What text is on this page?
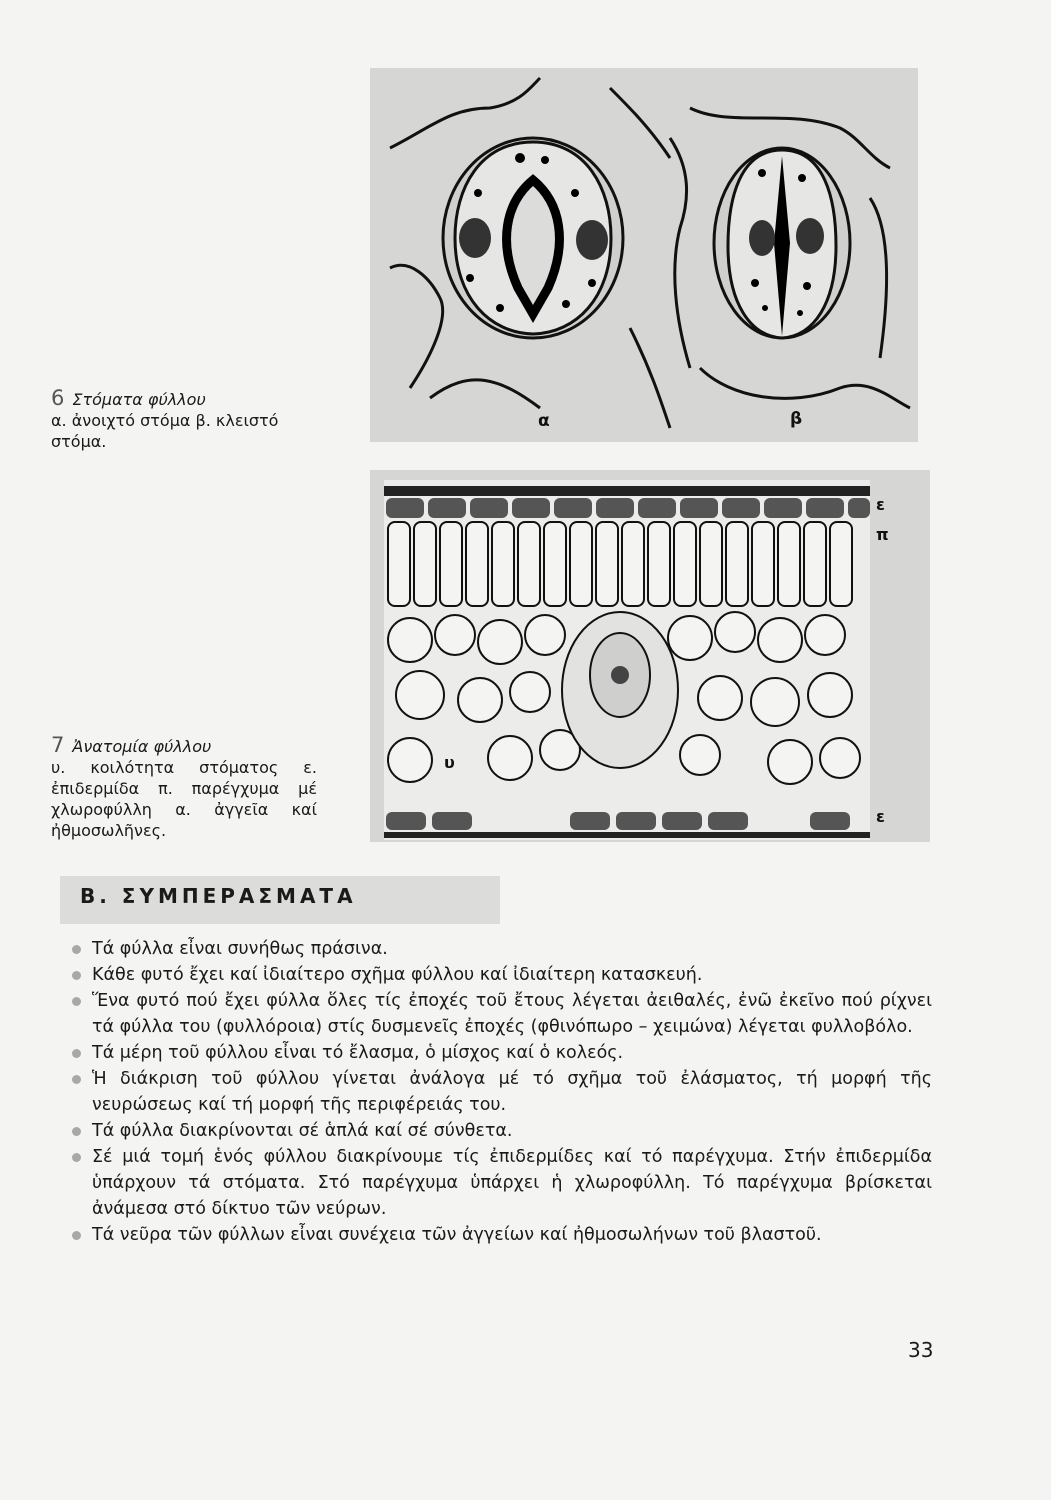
α	β
6 Στόματα φύλλου
α. ἀνοιχτό στόμα β. κλειστό στόμα.
ε
π
ε
υ
7 Ἀνατομία φύλλου
υ. κοιλότητα στόματος ε. ἐπιδερμίδα π. παρέγχυμα μέ χλωροφύλλη α. ἀγγεῖα καί ἠθμοσωλῆνες.
Β. ΣΥΜΠΕΡΑΣΜΑΤΑ
Τά φύλλα εἶναι συνήθως πράσινα.
Κάθε φυτό ἔχει καί ἰδιαίτερο σχῆμα φύλλου καί ἰδιαίτερη κατασκευή.
Ἕνα φυτό πού ἔχει φύλλα ὅλες τίς ἐποχές τοῦ ἔτους λέγεται ἀειθαλές, ἐνῶ ἐκεῖνο πού ρίχνει τά φύλλα του (φυλλόροια) στίς δυσμενεῖς ἐποχές (φθινόπωρο – χειμώνα) λέγεται φυλλοβόλο.
Τά μέρη τοῦ φύλλου εἶναι τό ἔλασμα, ὁ μίσχος καί ὁ κολεός.
Ἡ διάκριση τοῦ φύλλου γίνεται ἀνάλογα μέ τό σχῆμα τοῦ ἐλάσματος, τή μορφή τῆς νευρώσεως καί τή μορφή τῆς περιφέρειάς του.
Τά φύλλα διακρίνονται σέ ἁπλά καί σέ σύνθετα.
Σέ μιά τομή ἑνός φύλλου διακρίνουμε τίς ἐπιδερμίδες καί τό παρέγχυμα. Στήν ἐπιδερμίδα ὑπάρχουν τά στόματα. Στό παρέγχυμα ὑπάρχει ἡ χλωροφύλλη. Τό παρέγχυμα βρίσκεται ἀνάμεσα στό δίκτυο τῶν νεύρων.
Τά νεῦρα τῶν φύλλων εἶναι συνέχεια τῶν ἀγγείων καί ἠθμοσωλήνων τοῦ βλαστοῦ.
33
